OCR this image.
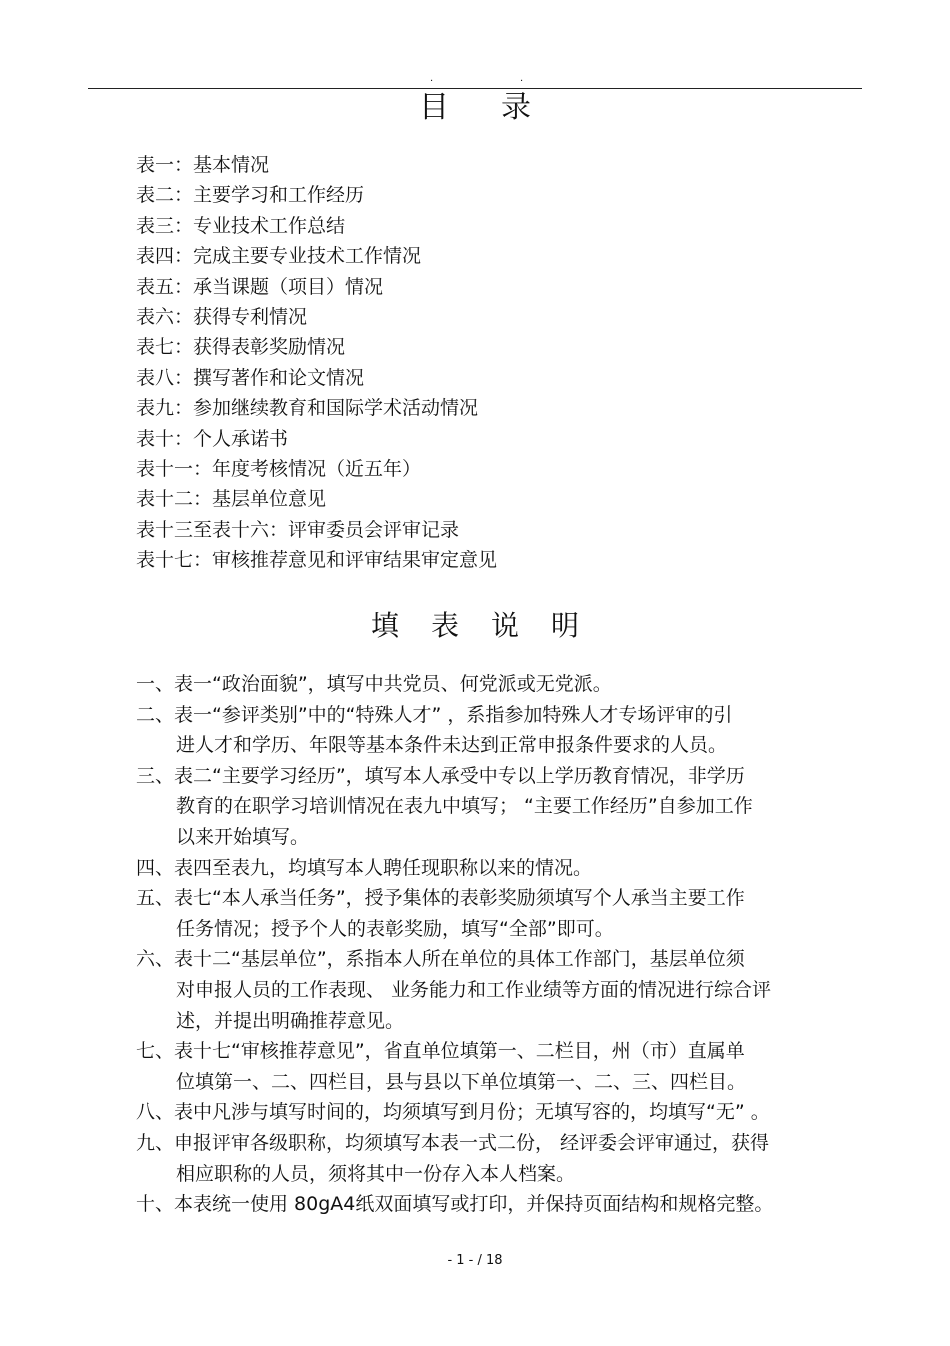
.	.
目录
表一：基本情况
表二：主要学习和工作经历
表三：专业技术工作总结
表四：完成主要专业技术工作情况
表五：承当课题（项目）情况
表六：获得专利情况
表七：获得表彰奖励情况
表八：撰写著作和论文情况
表九：参加继续教育和国际学术活动情况
表十：个人承诺书
表十一：年度考核情况（近五年）
表十二：基层单位意见
表十三至表十六：评审委员会评审记录
表十七：审核推荐意见和评审结果审定意见
填表说明
一、表一“政治面貌”，填写中共党员、何党派或无党派。
二、表一“参评类别”中的“特殊人才” ，系指参加特殊人才专场评审的引
进人才和学历、年限等基本条件未达到正常申报条件要求的人员。
三、表二“主要学习经历”，填写本人承受中专以上学历教育情况，非学历
教育的在职学习培训情况在表九中填写； “主要工作经历”自参加工作
以来开始填写。
四、表四至表九，均填写本人聘任现职称以来的情况。
五、表七“本人承当任务”，授予集体的表彰奖励须填写个人承当主要工作
任务情况；授予个人的表彰奖励，填写“全部”即可。
六、表十二“基层单位”，系指本人所在单位的具体工作部门，基层单位须
对申报人员的工作表现、 业务能力和工作业绩等方面的情况进行综合评
述，并提出明确推荐意见。
七、表十七“审核推荐意见”，省直单位填第一、二栏目，州（市）直属单
位填第一、二、四栏目，县与县以下单位填第一、二、三、四栏目。
八、表中凡涉与填写时间的，均须填写到月份；无填写容的，均填写“无” 。
九、申报评审各级职称，均须填写本表一式二份， 经评委会评审通过，获得
相应职称的人员，须将其中一份存入本人档案。
十、本表统一使用 80gA4纸双面填写或打印，并保持页面结构和规格完整。
- 1 - / 18
